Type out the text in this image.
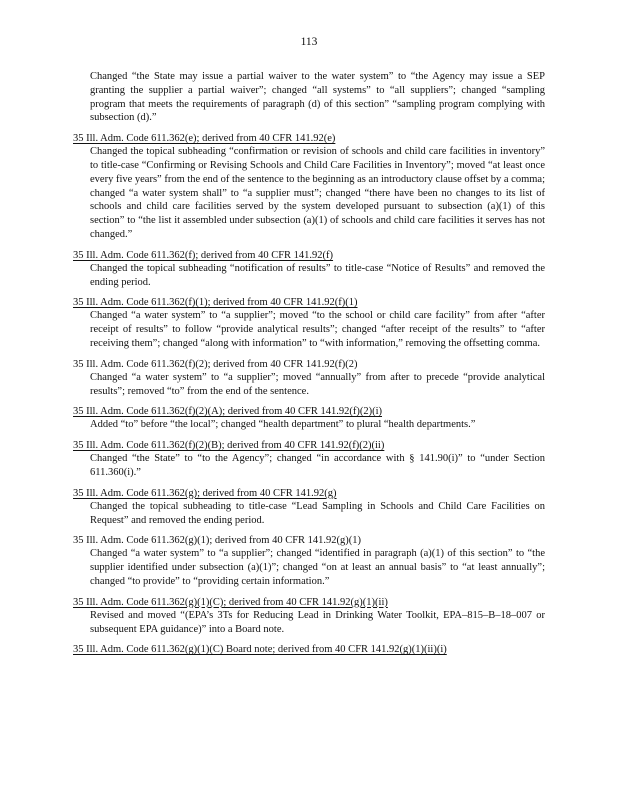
113
Changed “the State may issue a partial waiver to the water system” to “the Agency may issue a SEP granting the supplier a partial waiver”; changed “all systems” to “all suppliers”; changed “sampling program that meets the requirements of paragraph (d) of this section” “sampling program complying with subsection (d).”
35 Ill. Adm. Code 611.362(e); derived from 40 CFR 141.92(e)
Changed the topical subheading “confirmation or revision of schools and child care facilities in inventory” to title-case “Confirming or Revising Schools and Child Care Facilities in Inventory”; moved “at least once every five years” from the end of the sentence to the beginning as an introductory clause offset by a comma; changed “a water system shall” to “a supplier must”; changed “there have been no changes to its list of schools and child care facilities served by the system developed pursuant to subsection (a)(1) of this section” to “the list it assembled under subsection (a)(1) of schools and child care facilities it serves has not changed.”
35 Ill. Adm. Code 611.362(f); derived from 40 CFR 141.92(f)
Changed the topical subheading “notification of results” to title-case “Notice of Results” and removed the ending period.
35 Ill. Adm. Code 611.362(f)(1); derived from 40 CFR 141.92(f)(1)
Changed “a water system” to “a supplier”; moved “to the school or child care facility” from after “after receipt of results” to follow “provide analytical results”; changed “after receipt of the results” to “after receiving them”; changed “along with information” to “with information,” removing the offsetting comma.
35 Ill. Adm. Code 611.362(f)(2); derived from 40 CFR 141.92(f)(2)
Changed “a water system” to “a supplier”; moved “annually” from after to precede “provide analytical results”; removed “to” from the end of the sentence.
35 Ill. Adm. Code 611.362(f)(2)(A); derived from 40 CFR 141.92(f)(2)(i)
Added “to” before “the local”; changed “health department” to plural “health departments.”
35 Ill. Adm. Code 611.362(f)(2)(B); derived from 40 CFR 141.92(f)(2)(ii)
Changed “the State” to “to the Agency”; changed “in accordance with § 141.90(i)” to “under Section 611.360(i).”
35 Ill. Adm. Code 611.362(g); derived from 40 CFR 141.92(g)
Changed the topical subheading to title-case “Lead Sampling in Schools and Child Care Facilities on Request” and removed the ending period.
35 Ill. Adm. Code 611.362(g)(1); derived from 40 CFR 141.92(g)(1)
Changed “a water system” to “a supplier”; changed “identified in paragraph (a)(1) of this section” to “the supplier identified under subsection (a)(1)”; changed “on at least an annual basis” to “at least annually”; changed “to provide” to “providing certain information.”
35 Ill. Adm. Code 611.362(g)(1)(C); derived from 40 CFR 141.92(g)(1)(ii)
Revised and moved “(EPA’s 3Ts for Reducing Lead in Drinking Water Toolkit, EPA–815–B–18–007 or subsequent EPA guidance)” into a Board note.
35 Ill. Adm. Code 611.362(g)(1)(C) Board note; derived from 40 CFR 141.92(g)(1)(ii)(i)
